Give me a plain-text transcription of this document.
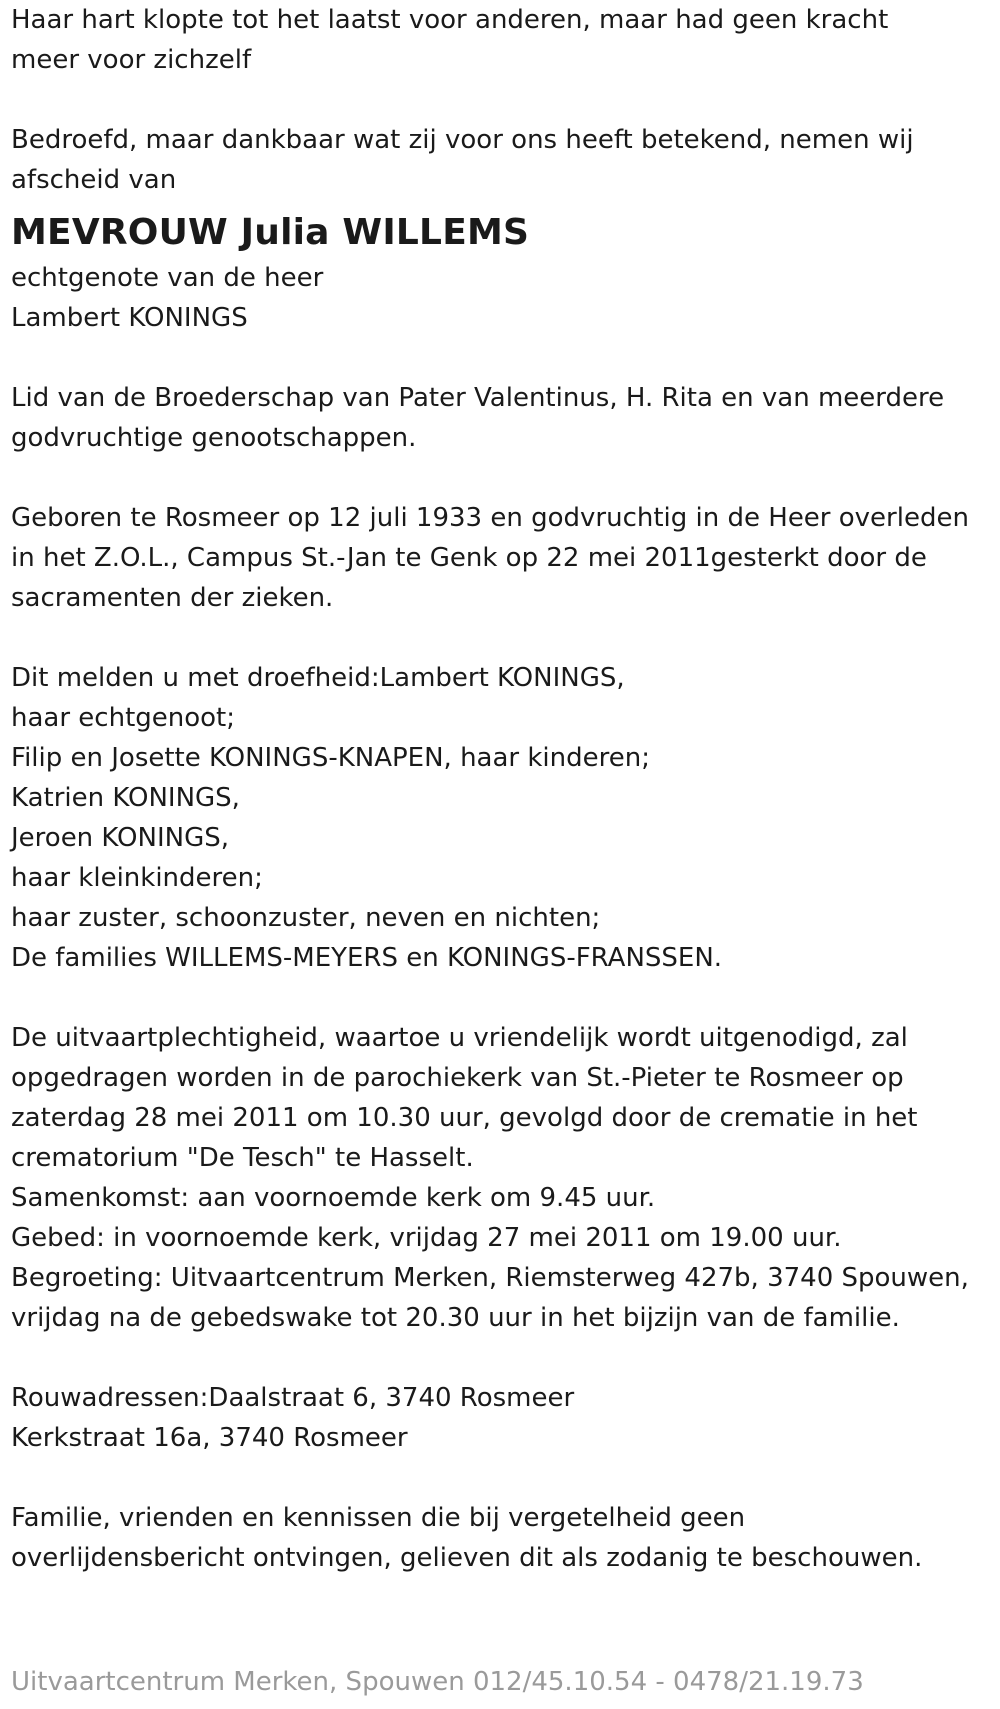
Haar hart klopte tot het laatst voor anderen, maar had geen kracht
meer voor zichzelf
Bedroefd, maar dankbaar wat zij voor ons heeft betekend, nemen wij
afscheid van
MEVROUW Julia WILLEMS
echtgenote van de heer
Lambert KONINGS
Lid van de Broederschap van Pater Valentinus, H. Rita en van meerdere
godvruchtige genootschappen.
Geboren te Rosmeer op 12 juli 1933 en godvruchtig in de Heer overleden
in het Z.O.L., Campus St.-Jan te Genk op 22 mei 2011gesterkt door de
sacramenten der zieken.
Dit melden u met droefheid:Lambert KONINGS,
haar echtgenoot;
Filip en Josette KONINGS-KNAPEN, haar kinderen;
Katrien KONINGS,
Jeroen KONINGS,
haar kleinkinderen;
haar zuster, schoonzuster, neven en nichten;
De families WILLEMS-MEYERS en KONINGS-FRANSSEN.
De uitvaartplechtigheid, waartoe u vriendelijk wordt uitgenodigd, zal
opgedragen worden in de parochiekerk van St.-Pieter te Rosmeer op
zaterdag 28 mei 2011 om 10.30 uur, gevolgd door de crematie in het
crematorium "De Tesch" te Hasselt.
Samenkomst: aan voornoemde kerk om 9.45 uur.
Gebed: in voornoemde kerk, vrijdag 27 mei 2011 om 19.00 uur.
Begroeting: Uitvaartcentrum Merken, Riemsterweg 427b, 3740 Spouwen,
vrijdag na de gebedswake tot 20.30 uur in het bijzijn van de familie.
Rouwadressen:Daalstraat 6, 3740 Rosmeer
Kerkstraat 16a, 3740 Rosmeer
Familie, vrienden en kennissen die bij vergetelheid geen
overlijdensbericht ontvingen, gelieven dit als zodanig te beschouwen.
Uitvaartcentrum Merken, Spouwen 012/45.10.54 - 0478/21.19.73
